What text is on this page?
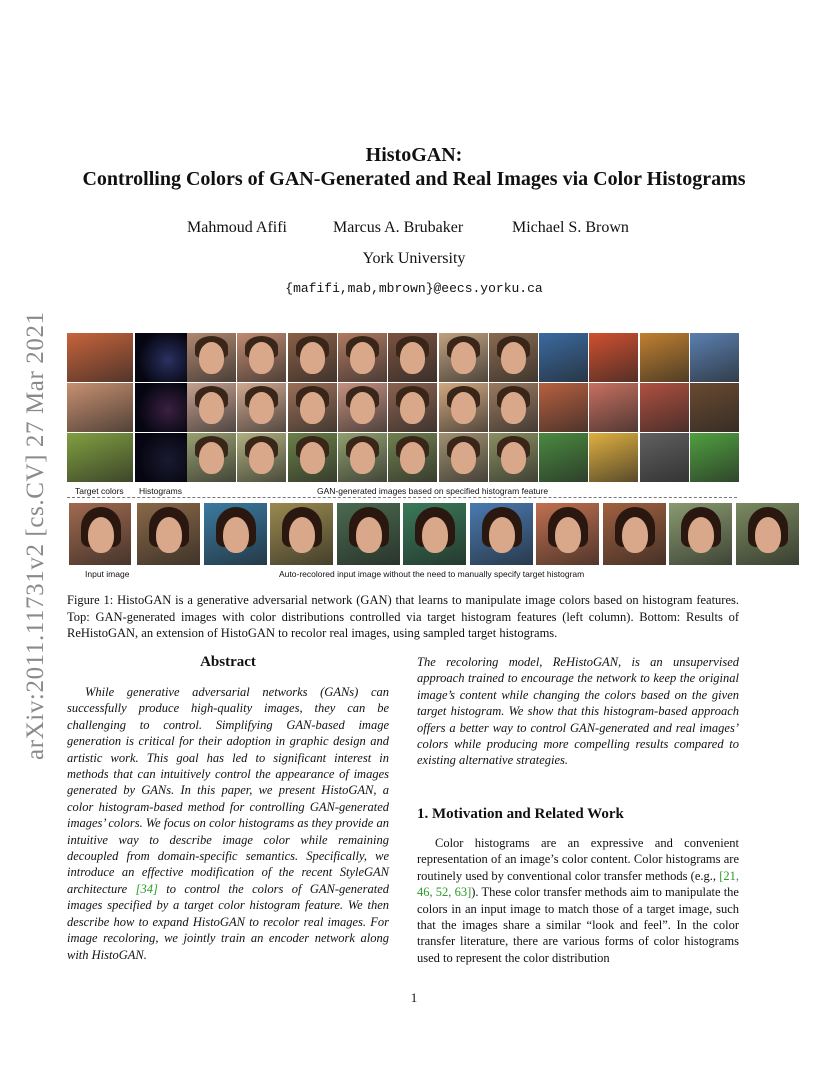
arXiv:2011.11731v2 [cs.CV] 27 Mar 2021
HistoGAN:
Controlling Colors of GAN-Generated and Real Images via Color Histograms
Mahmoud Afifi	Marcus A. Brubaker	Michael S. Brown
York University
{mafifi,mab,mbrown}@eecs.yorku.ca
Target colors Histograms	GAN-generated images based on specified histogram feature
Input image	Auto-recolored input image without the need to manually specify target histogram
Figure 1: HistoGAN is a generative adversarial network (GAN) that learns to manipulate image colors based on histogram features. Top: GAN-generated images with color distributions controlled via target histogram features (left column). Bottom: Results of ReHistoGAN, an extension of HistoGAN to recolor real images, using sampled target histograms.
Abstract
While generative adversarial networks (GANs) can successfully produce high-quality images, they can be challenging to control. Simplifying GAN-based image generation is critical for their adoption in graphic design and artistic work. This goal has led to significant interest in methods that can intuitively control the appearance of images generated by GANs. In this paper, we present HistoGAN, a color histogram-based method for controlling GAN-generated images’ colors. We focus on color histograms as they provide an intuitive way to describe image color while remaining decoupled from domain-specific semantics. Specifically, we introduce an effective modification of the recent StyleGAN architecture [34] to control the colors of GAN-generated images specified by a target color histogram feature. We then describe how to expand HistoGAN to recolor real images. For image recoloring, we jointly train an encoder network along with HistoGAN.
The recoloring model, ReHistoGAN, is an unsupervised approach trained to encourage the network to keep the original image’s content while changing the colors based on the given target histogram. We show that this histogram-based approach offers a better way to control GAN-generated and real images’ colors while producing more compelling results compared to existing alternative strategies.
1. Motivation and Related Work
Color histograms are an expressive and convenient representation of an image’s color content. Color histograms are routinely used by conventional color transfer methods (e.g., [21, 46, 52, 63]). These color transfer methods aim to manipulate the colors in an input image to match those of a target image, such that the images share a similar “look and feel”. In the color transfer literature, there are various forms of color histograms used to represent the color distribution
1
